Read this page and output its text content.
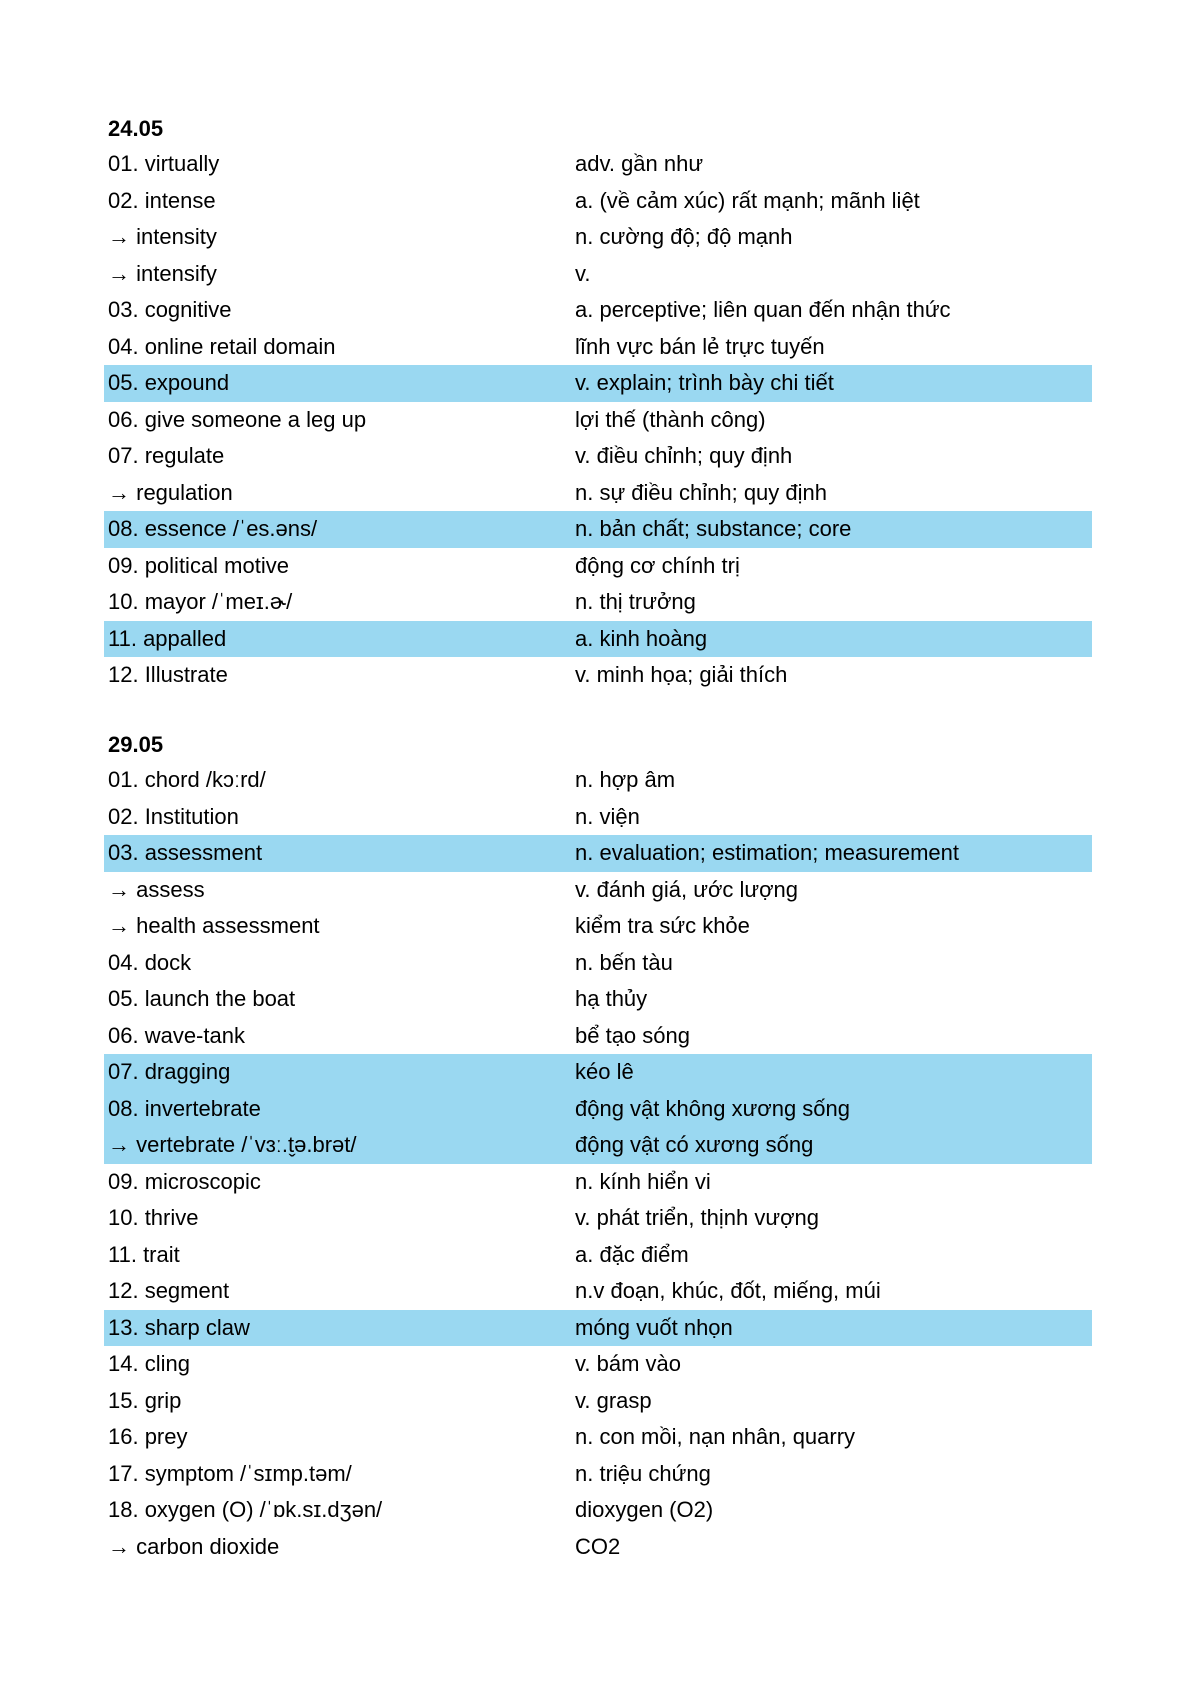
24.05
01. virtually	adv. gần như
02. intense	a. (về cảm xúc) rất mạnh; mãnh liệt
→ intensity	n. cường độ; độ mạnh
→ intensify	v.
03. cognitive	a. perceptive; liên quan đến nhận thức
04. online retail domain	lĩnh vực bán lẻ trực tuyến
05. expound	v. explain; trình bày chi tiết
06. give someone a leg up	lợi thế (thành công)
07. regulate	v. điều chỉnh; quy định
→ regulation	n. sự điều chỉnh; quy định
08. essence /ˈes.əns/	n. bản chất; substance; core
09. political motive	động cơ chính trị
10. mayor /ˈmeɪ.ɚ/	n. thị trưởng
11. appalled	a. kinh hoàng
12. Illustrate	v. minh họa; giải thích
29.05
01. chord /kɔːrd/	n. hợp âm
02. Institution	n. viện
03. assessment	n. evaluation; estimation; measurement
→ assess	v. đánh giá, ước lượng
→ health assessment	kiểm tra sức khỏe
04. dock	n. bến tàu
05. launch the boat	hạ thủy
06. wave-tank	bể tạo sóng
07. dragging	kéo lê
08. invertebrate	động vật không xương sống
→ vertebrate /ˈvɜː.t̬ə.brət/	động vật có xương sống
09. microscopic	n. kính hiển vi
10. thrive	v. phát triển, thịnh vượng
11. trait	a. đặc điểm
12. segment	n.v đoạn, khúc, đốt, miếng, múi
13. sharp claw	móng vuốt nhọn
14. cling	v. bám vào
15. grip	v. grasp
16. prey	n. con mồi, nạn nhân, quarry
17. symptom /ˈsɪmp.təm/	n. triệu chứng
18. oxygen (O) /ˈɒk.sɪ.dʒən/	dioxygen (O2)
→ carbon dioxide	CO2
